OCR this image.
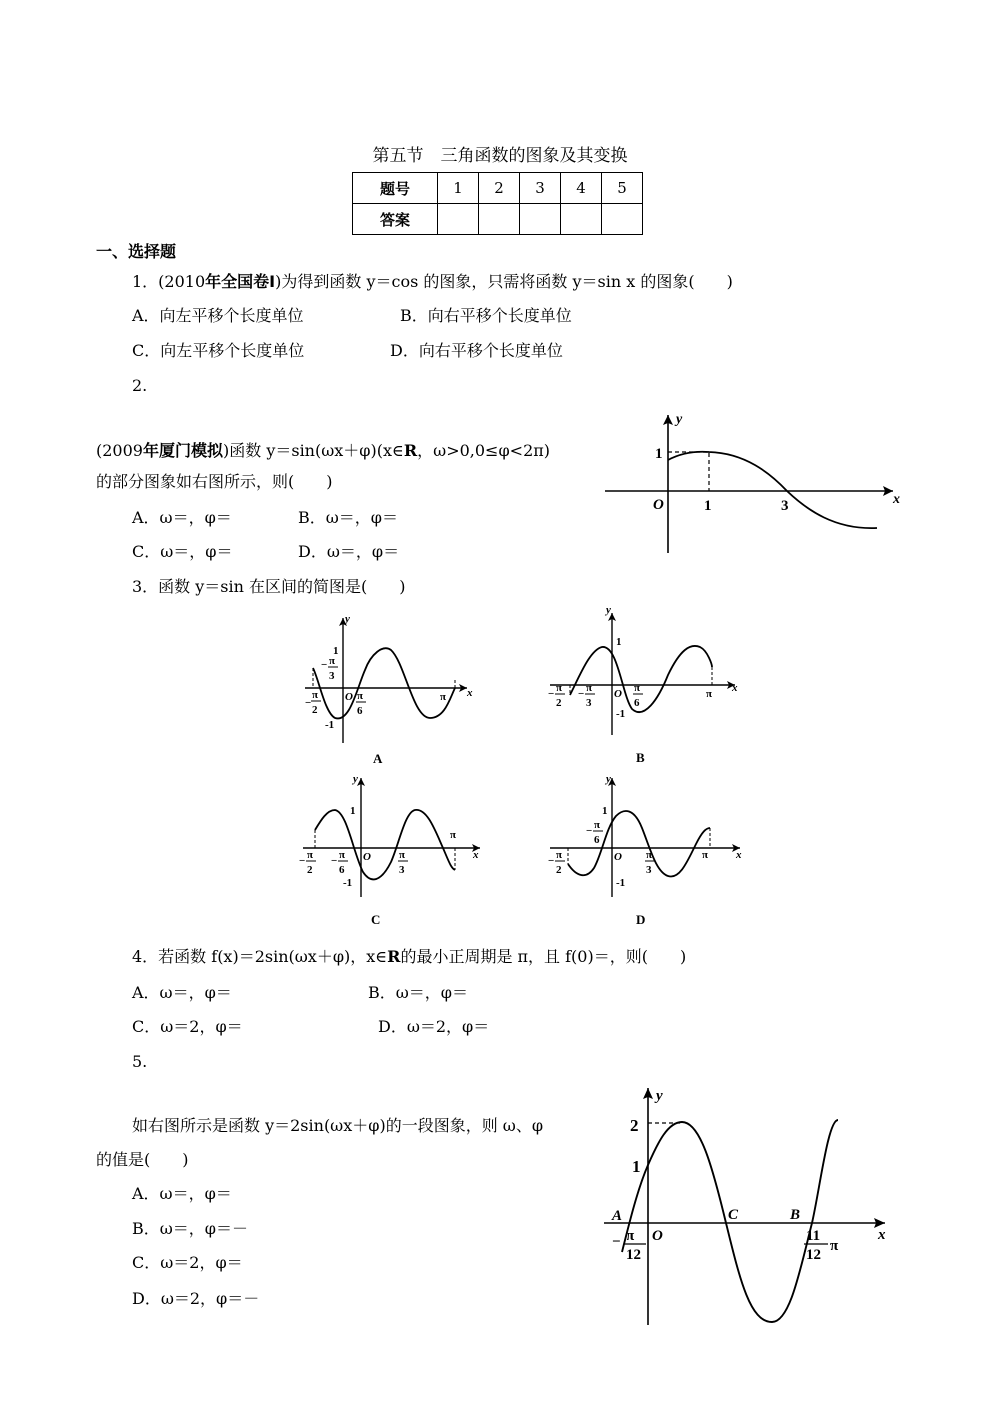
第五节　三角函数的图象及其变换
题号	1	2	3	4	5
答案					
一、选择题
1．(2010年全国卷Ⅰ)为得到函数 y＝cos 的图象，只需将函数 y＝sin x 的图象(　　)
A．向左平移个长度单位	B．向右平移个长度单位
C．向左平移个长度单位	D．向右平移个长度单位
2.
(2009年厦门模拟)函数 y＝sin(ωx＋φ)(x∈R，ω>0,0≤φ<2π)
的部分图象如右图所示，则(　　)
A．ω＝，φ＝	B．ω＝，φ＝
C．ω＝，φ＝	D．ω＝，φ＝
y
x
O
1
1	3
3．函数 y＝sin 在区间的简图是(　　)
y
x
1
-1
O
− π
3
−
π
2
π
6
π
A
y
x
1
-1
O
− π
2
− π
3
π
6
π
B
y
x
1
-1
O
− π
2
− π
6
π
3
π
C
y
x
1
-1
O
− π
6
− π
2
π
3
π
D
4．若函数 f(x)＝2sin(ωx＋φ)，x∈R的最小正周期是 π，且 f(0)＝，则(　　)
A．ω＝，φ＝	B．ω＝，φ＝
C．ω＝2，φ＝	D．ω＝2，φ＝
5.
如右图所示是函数 y＝2sin(ωx＋φ)的一段图象，则 ω、φ
的值是(　　)
A．ω＝，φ＝
B．ω＝，φ＝－
C．ω＝2，φ＝
D．ω＝2，φ＝－
y
x
2
1
O
A	C	B
− π
12
11
12
π
